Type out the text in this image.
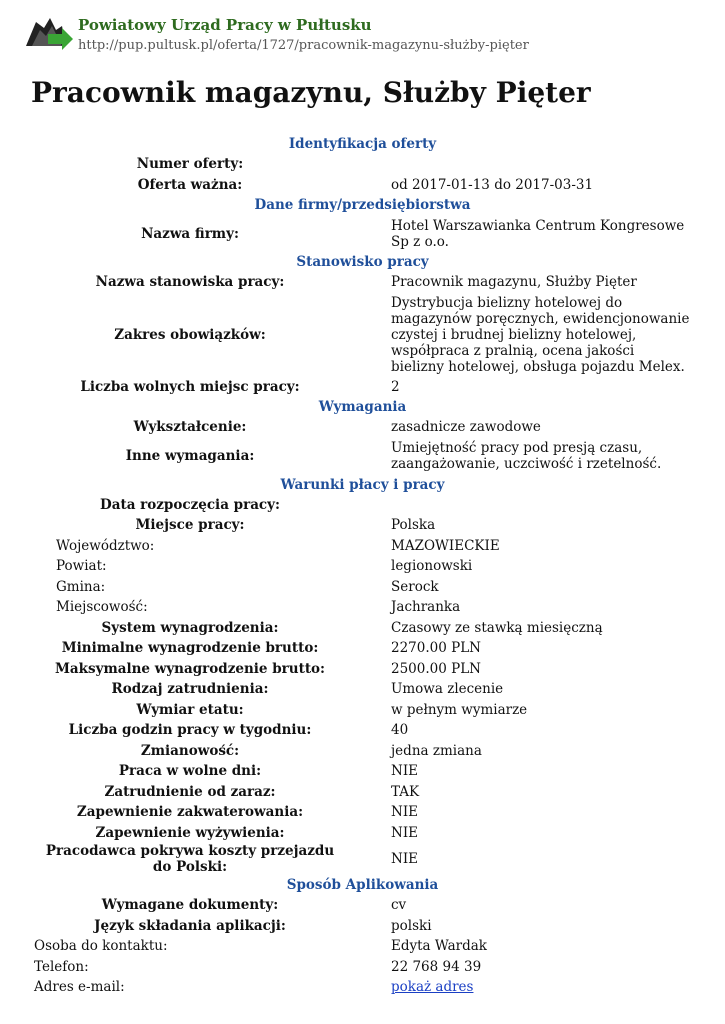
Powiatowy Urząd Pracy w Pułtusku
http://pup.pultusk.pl/oferta/1727/pracownik-magazynu-służby-pięter
Pracownik magazynu, Służby Pięter
Identyfikacja oferty
Numer oferty:
Oferta ważna:	od 2017-01-13 do 2017-03-31
Dane firmy/przedsiębiorstwa
Nazwa firmy:	Hotel Warszawianka Centrum Kongresowe Sp z o.o.
Stanowisko pracy
Nazwa stanowiska pracy:	Pracownik magazynu, Służby Pięter
Zakres obowiązków:
Dystrybucja bielizny hotelowej do magazynów poręcznych, ewidencjonowanie czystej i brudnej bielizny hotelowej, współpraca z pralnią, ocena jakości bielizny hotelowej, obsługa pojazdu Melex.
Liczba wolnych miejsc pracy:	2
Wymagania
Wykształcenie:	zasadnicze zawodowe
Inne wymagania:	Umiejętność pracy pod presją czasu, zaangażowanie, uczciwość i rzetelność.
Warunki płacy i pracy
Data rozpoczęcia pracy:
Miejsce pracy:	Polska
Województwo:	MAZOWIECKIE
Powiat:	legionowski
Gmina:	Serock
Miejscowość:	Jachranka
System wynagrodzenia:	Czasowy ze stawką miesięczną
Minimalne wynagrodzenie brutto:	2270.00 PLN
Maksymalne wynagrodzenie brutto:	2500.00 PLN
Rodzaj zatrudnienia:	Umowa zlecenie
Wymiar etatu:	w pełnym wymiarze
Liczba godzin pracy w tygodniu:	40
Zmianowość:	jedna zmiana
Praca w wolne dni:	NIE
Zatrudnienie od zaraz:	TAK
Zapewnienie zakwaterowania:	NIE
Zapewnienie wyżywienia:	NIE
Pracodawca pokrywa koszty przejazdu do Polski:	NIE
Sposób Aplikowania
Wymagane dokumenty:	cv
Język składania aplikacji:	polski
Osoba do kontaktu:	Edyta Wardak
Telefon:	22 768 94 39
Adres e-mail:	pokaż adres
